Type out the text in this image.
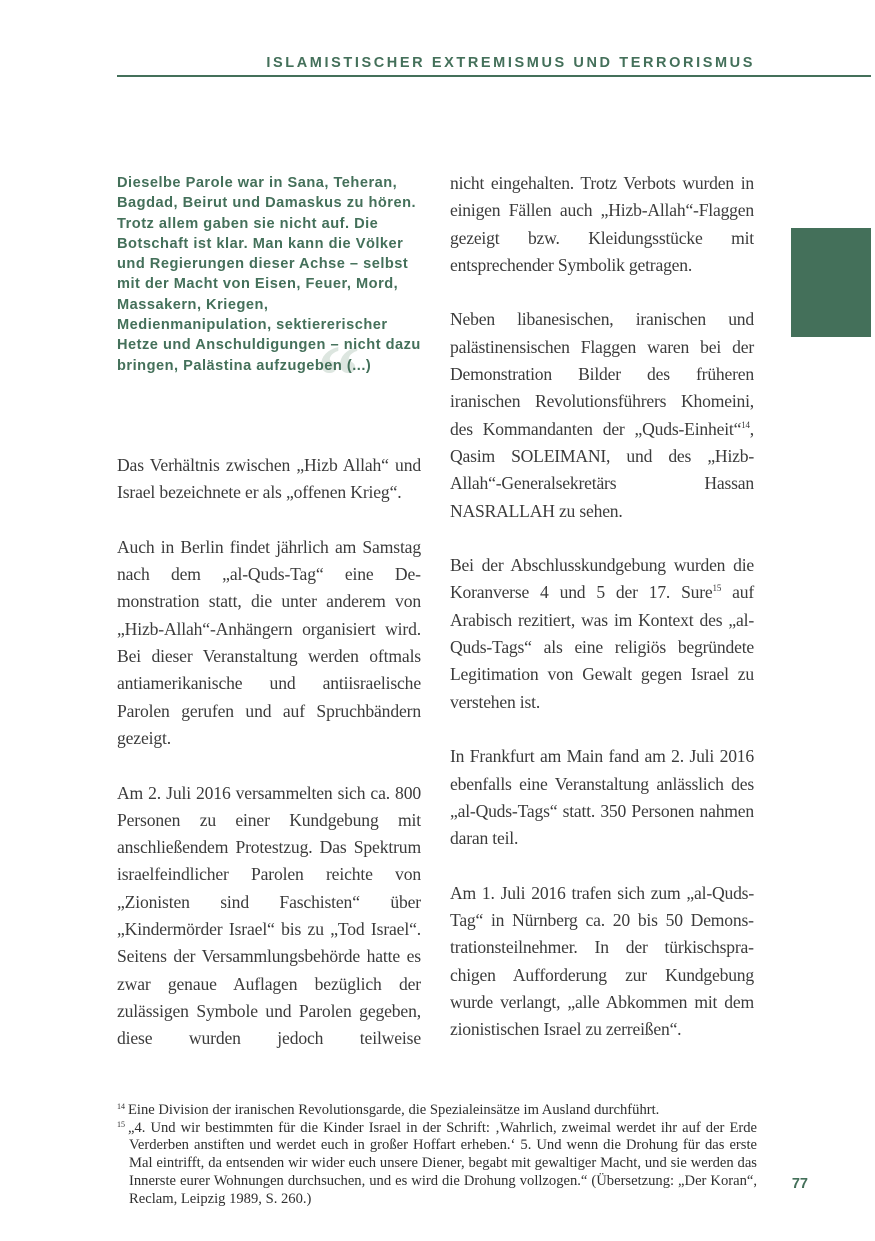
ISLAMISTISCHER EXTREMISMUS UND TERRORISMUS
“

Dieselbe Parole war in Sana, Teheran, Bagdad, Beirut und Damaskus zu hören. Trotz allem gaben sie nicht auf. Die Botschaft ist klar. Man kann die Völker und Regierungen dieser Achse – selbst mit der Macht von Eisen, Feuer, Mord, Massakern, Kriegen, Medienmanipulation, sektiererischer Hetze und Anschuldigungen – nicht dazu bringen, Palästina aufzugeben (...)

Das Verhältnis zwischen „Hizb Allah“ und Israel bezeichnete er als „offenen Krieg“.

Auch in Berlin findet jährlich am Samstag nach dem „al-Quds-Tag“ eine Demonstration statt, die unter anderem von „Hizb-Allah“-Anhängern organisiert wird. Bei dieser Veranstaltung werden oftmals antiamerikanische und antiisraelische Parolen gerufen und auf Spruchbändern gezeigt.

Am 2. Juli 2016 versammelten sich ca. 800 Personen zu einer Kundgebung mit anschließendem Protestzug. Das Spektrum israelfeindlicher Parolen reichte von „Zionisten sind Faschisten“ über „Kindermörder Israel“ bis zu „Tod Israel“. Seitens der Versammlungsbehörde hatte es zwar genaue Auflagen bezüglich der zulässigen Symbole und Parolen gegeben, diese wurden jedoch teilweise

nicht eingehalten. Trotz Verbots wurden in einigen Fällen auch „Hizb-Allah“-Flaggen gezeigt bzw. Kleidungsstücke mit entsprechender Symbolik getragen.

Neben libanesischen, iranischen und palästinensischen Flaggen waren bei der Demonstration Bilder des früheren iranischen Revolutionsführers Khomeini, des Kommandanten der „Quds-Einheit“$^{14}$, Qasim SOLEIMANI, und des „Hizb-Allah“-Generalsekretärs Hassan NASRALLAH zu sehen.

Bei der Abschlusskundgebung wurden die Koranverse 4 und 5 der 17. Sure$^{15}$ auf Arabisch rezitiert, was im Kontext des „al-Quds-Tags“ als eine religiös begründete Legitimation von Gewalt gegen Israel zu verstehen ist.

In Frankfurt am Main fand am 2. Juli 2016 ebenfalls eine Veranstaltung anlässlich des „al-Quds-Tags“ statt. 350 Personen nahmen daran teil.

Am 1. Juli 2016 trafen sich zum „al-Quds-Tag“ in Nürnberg ca. 20 bis 50 Demonstrationsteilnehmer. In der türkischsprachigen Aufforderung zur Kundgebung wurde verlangt, „alle Abkommen mit dem zionistischen Israel zu zerreißen“.

$^{14}$ Eine Division der iranischen Revolutionsgarde, die Spezialeinsätze im Ausland durchführt.

$^{15}$ „4. Und wir bestimmten für die Kinder Israel in der Schrift: ‚Wahrlich, zweimal werdet ihr auf der Erde Verderben anstiften und werdet euch in großer Hoffart erheben.‘ 5. Und wenn die Drohung für das erste Mal eintrifft, da entsenden wir wider euch unsere Diener, begabt mit gewaltiger Macht, und sie werden das Innerste eurer Wohnungen durchsuchen, und es wird die Drohung vollzogen.“ (Übersetzung: „Der Koran“, Reclam, Leipzig 1989, S. 260.)

77
